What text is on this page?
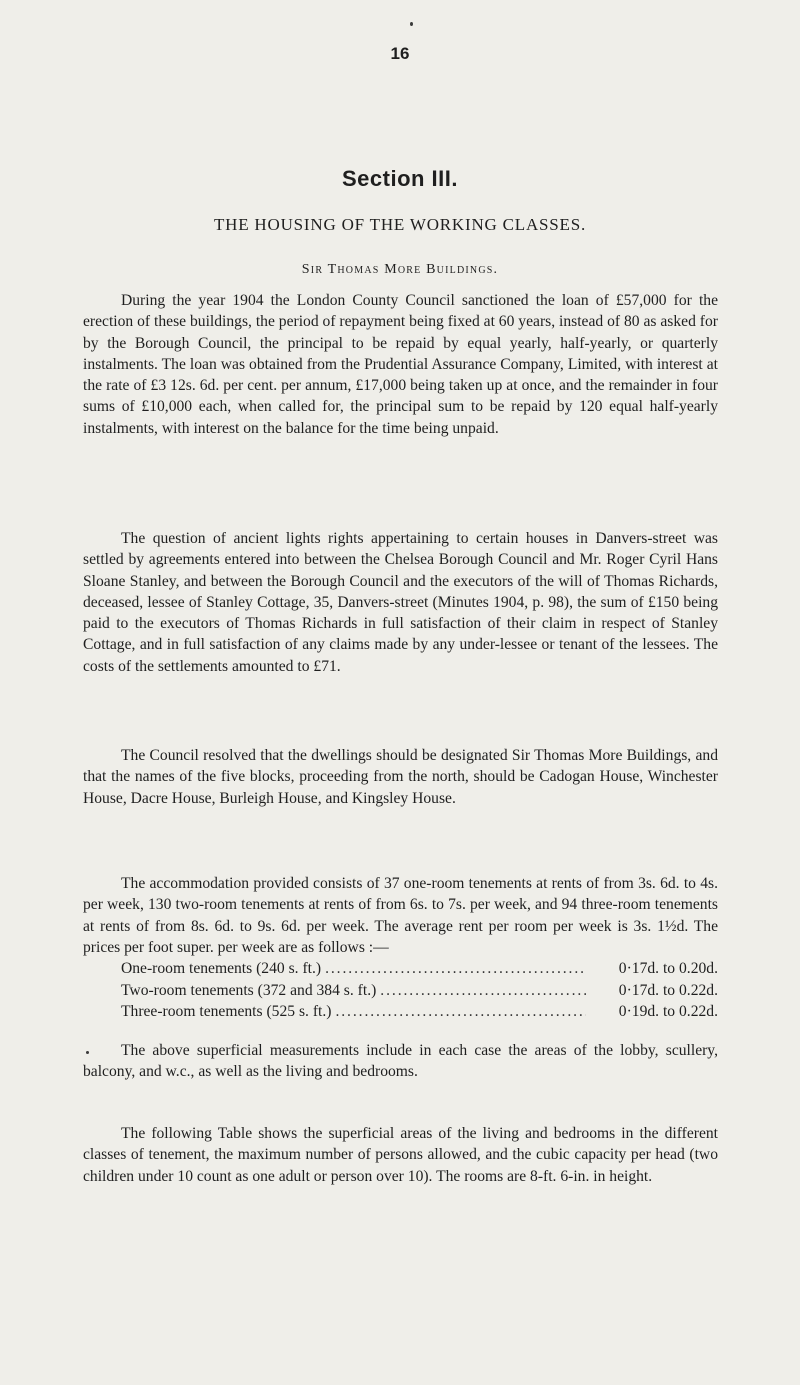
16
Section III.
THE HOUSING OF THE WORKING CLASSES.
Sir Thomas More Buildings.

During the year 1904 the London County Council sanctioned the loan of £57,000 for the erection of these buildings, the period of repayment being fixed at 60 years, instead of 80 as asked for by the Borough Council, the principal to be repaid by equal yearly, half-yearly, or quarterly instalments. The loan was obtained from the Prudential Assurance Company, Limited, with interest at the rate of £3 12s. 6d. per cent. per annum, £17,000 being taken up at once, and the remainder in four sums of £10,000 each, when called for, the principal sum to be repaid by 120 equal half-yearly instalments, with interest on the balance for the time being unpaid.

The question of ancient lights rights appertaining to certain houses in Danvers-street was settled by agreements entered into between the Chelsea Borough Council and Mr. Roger Cyril Hans Sloane Stanley, and between the Borough Council and the executors of the will of Thomas Richards, deceased, lessee of Stanley Cottage, 35, Danvers-street (Minutes 1904, p. 98), the sum of £150 being paid to the executors of Thomas Richards in full satisfaction of their claim in respect of Stanley Cottage, and in full satisfaction of any claims made by any under-lessee or tenant of the lessees. The costs of the settlements amounted to £71.

The Council resolved that the dwellings should be designated Sir Thomas More Buildings, and that the names of the five blocks, proceeding from the north, should be Cadogan House, Winchester House, Dacre House, Burleigh House, and Kingsley House.

The accommodation provided consists of 37 one-room tenements at rents of from 3s. 6d. to 4s. per week, 130 two-room tenements at rents of from 6s. to 7s. per week, and 94 three-room tenements at rents of from 8s. 6d. to 9s. 6d. per week. The average rent per room per week is 3s. 1½d. The prices per foot super. per week are as follows :—

One-room tenements (240 s. ft.) . . .	0·17d. to 0.20d.
Two-room tenements (372 and 384 s. ft.) . . .	0·17d. to 0.22d.
Three-room tenements (525 s. ft.) . . .	0·19d. to 0.22d.

The above superficial measurements include in each case the areas of the lobby, scullery, balcony, and w.c., as well as the living and bedrooms.

The following Table shows the superficial areas of the living and bedrooms in the different classes of tenement, the maximum number of persons allowed, and the cubic capacity per head (two children under 10 count as one adult or person over 10). The rooms are 8-ft. 6-in. in height.
